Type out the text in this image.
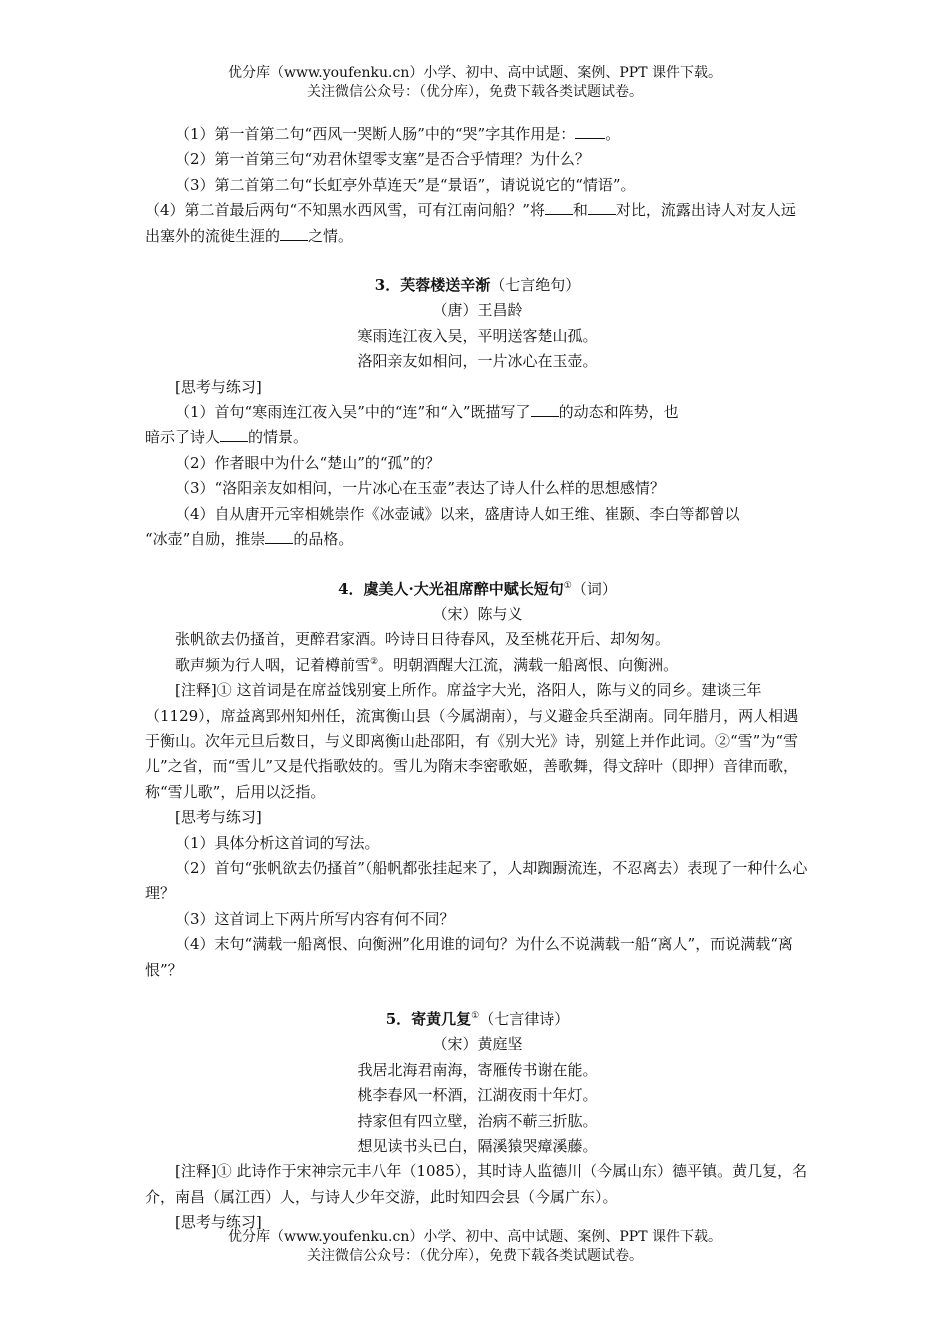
优分库（www.youfenku.cn）小学、初中、高中试题、案例、PPT 课件下载。

关注微信公众号：（优分库），免费下载各类试题试卷。

（1）第一首第二句“西风一哭断人肠”中的“哭”字其作用是： 。

（2）第一首第三句“劝君休望零支塞”是否合乎情理？为什么？

（3）第二首第二句“长虹亭外草连天”是“景语”，请说说它的“情语”。

（4）第二首最后两句“不知黑水西风雪，可有江南问船？”将 和 对比，流露出诗人对友人远出塞外的流徙生涯的 之情。

3．芙蓉楼送辛渐（七言绝句）

（唐）王昌龄

寒雨连江夜入吴，平明送客楚山孤。

洛阳亲友如相问，一片冰心在玉壶。

[思考与练习]

（1）首句“寒雨连江夜入吴”中的“连”和“入”既描写了 的动态和阵势，也

暗示了诗人 的情景。

（2）作者眼中为什么“楚山”的“孤”的？

（3）“洛阳亲友如相问，一片冰心在玉壶”表达了诗人什么样的思想感情？

（4）自从唐开元宰相姚崇作《冰壶诫》以来，盛唐诗人如王维、崔颢、李白等都曾以

“冰壶”自励，推崇 的品格。

4．虞美人·大光祖席醉中赋长短句①（词）

（宋）陈与义

张帆欲去仍搔首，更醉君家酒。吟诗日日待春风，及至桃花开后、却匆匆。

歌声频为行人咽，记着樽前雪②。明朝酒醒大江流，满载一船离恨、向衡洲。

[注释]① 这首词是在席益饯别宴上所作。席益字大光，洛阳人，陈与义的同乡。建谈三年（1129），席益离郢州知州任，流寓衡山县（今属湖南），与义避金兵至湖南。同年腊月，两人相遇于衡山。次年元旦后数日，与义即离衡山赴邵阳，有《别大光》诗，别筵上并作此词。②“雪”为“雪儿”之省，而“雪儿”又是代指歌妓的。雪儿为隋末李密歌姬，善歌舞，得文辞叶（即押）音律而歌，称“雪儿歌”，后用以泛指。

[思考与练习]

（1）具体分析这首词的写法。

（2）首句“张帆欲去仍搔首”（船帆都张挂起来了，人却踟蹰流连，不忍离去）表现了一种什么心理？

（3）这首词上下两片所写内容有何不同？

（4）末句“满载一船离恨、向衡洲”化用谁的词句？为什么不说满载一船“离人”，而说满载“离恨”？

5．寄黄几复①（七言律诗）

（宋）黄庭坚

我居北海君南海，寄雁传书谢在能。

桃李春风一杯酒，江湖夜雨十年灯。

持家但有四立壁，治病不蕲三折肱。

想见读书头已白，隔溪猿哭瘴溪藤。

[注释]① 此诗作于宋神宗元丰八年（1085），其时诗人监德川（今属山东）德平镇。黄几复，名介，南昌（属江西）人，与诗人少年交游，此时知四会县（今属广东）。

[思考与练习]

优分库（www.youfenku.cn）小学、初中、高中试题、案例、PPT 课件下载。

关注微信公众号：（优分库），免费下载各类试题试卷。
